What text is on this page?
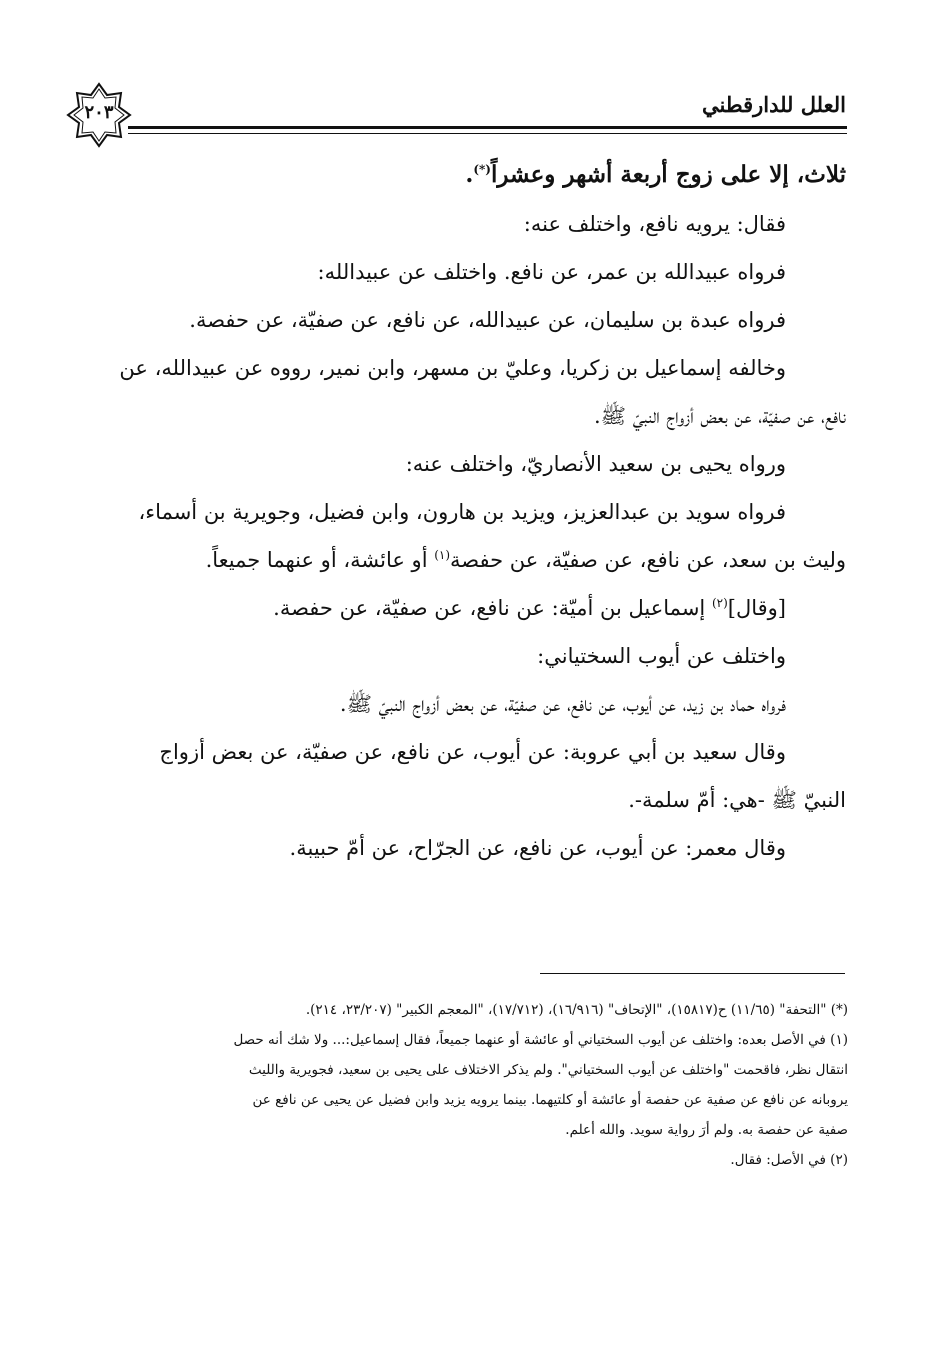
العلل للدارقطني
٢٠٣
ثلاث، إلا على زوج أربعة أشهر وعشراً(*).
فقال: يرويه نافع، واختلف عنه:
فرواه عبيدالله بن عمر، عن نافع. واختلف عن عبيدالله:
فرواه عبدة بن سليمان، عن عبيدالله، عن نافع، عن صفيّة، عن حفصة.
وخالفه إسماعيل بن زكريا، وعليّ بن مسهر، وابن نمير، رووه عن عبيدالله، عن
نافع، عن صفيّة، عن بعض أزواج النبيّ ﷺ.
ورواه يحيى بن سعيد الأنصاريّ، واختلف عنه:
فرواه سويد بن عبدالعزيز، ويزيد بن هارون، وابن فضيل، وجويرية بن أسماء،
وليث بن سعد، عن نافع، عن صفيّة، عن حفصة$^{(١)}$ أو عائشة، أو عنهما جميعاً.
[وقال]$^{(٢)}$ إسماعيل بن أميّة: عن نافع، عن صفيّة، عن حفصة.
واختلف عن أيوب السختياني:
فرواه حماد بن زيد، عن أيوب، عن نافع، عن صفيّة، عن بعض أزواج النبيّ ﷺ.
وقال سعيد بن أبي عروبة: عن أيوب، عن نافع، عن صفيّة، عن بعض أزواج
النبيّ ﷺ -هي: أمّ سلمة-.
وقال معمر: عن أيوب، عن نافع، عن الجرّاح، عن أمّ حبيبة.
(*) "التحفة" (١١/٦٥) ح(١٥٨١٧)، "الإتحاف" (١٦/٩١٦)، (١٧/٧١٢)، "المعجم الكبير" (٢٣/٢٠٧، ٢١٤).
(١) في الأصل بعده: واختلف عن أيوب السختياني أو عائشة أو عنهما جميعاً، فقال إسماعيل:... ولا شك أنه حصل
انتقال نظر، فاقحمت "واختلف عن أيوب السختياني". ولم يذكر الاختلاف على يحيى بن سعيد، فجويرية والليث
يروبانه عن نافع عن صفية عن حفصة أو عائشة أو كلتيهما. بينما يرويه يزيد وابن فضيل عن يحيى عن نافع عن
صفية عن حفصة به. ولم أرَ رواية سويد. والله أعلم.
(٢) في الأصل: فقال.
